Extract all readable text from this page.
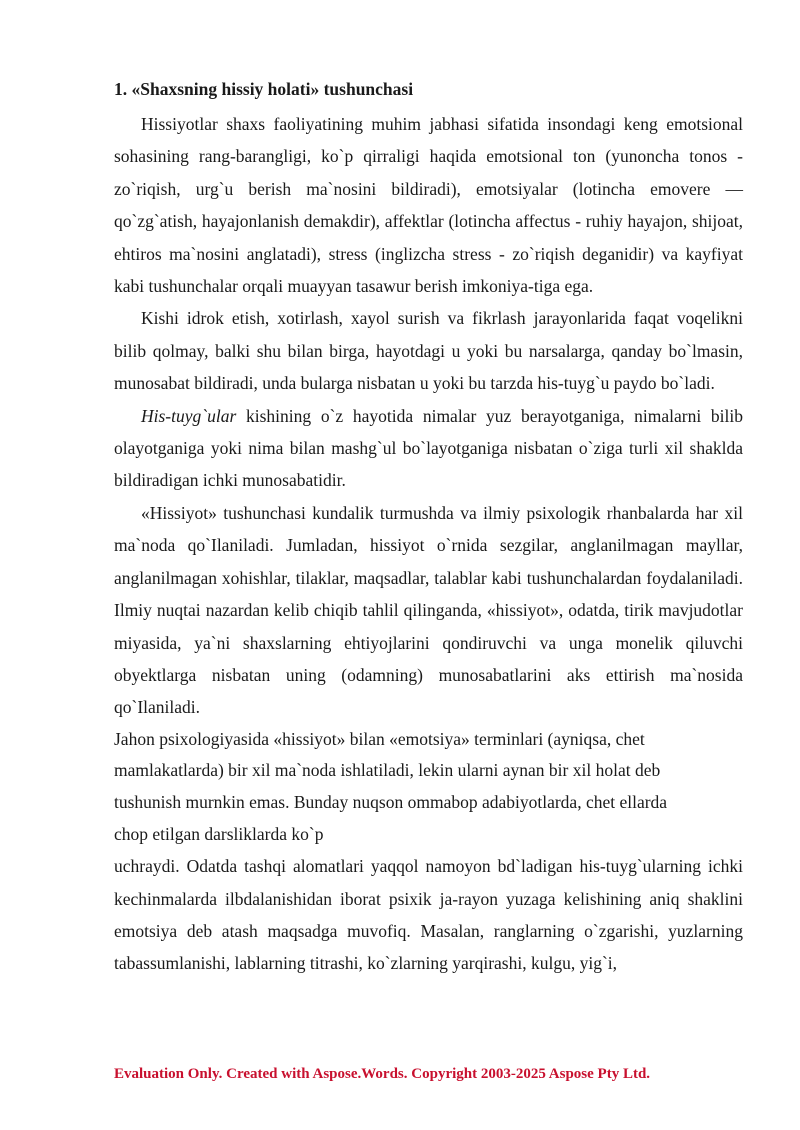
1. «Shaxsning hissiy holati» tushunchasi

Hissiyotlar shaxs faoliyatining muhim jabhasi sifatida insondagi keng emotsional sohasining rang-barangligi, ko`p qirraligi haqida emotsional ton (yunoncha tonos - zo`riqish, urg`u berish ma`nosini bildiradi), emotsiyalar (lotincha emovere — qo`zg`atish, hayajonlanish demakdir), affektlar (lotincha affectus - ruhiy hayajon, shijoat, ehtiros ma`nosini anglatadi), stress (inglizcha stress - zo`riqish deganidir) va kayfiyat kabi tushunchalar orqali muayyan tasawur berish imkoniya-tiga ega.

Kishi idrok etish, xotirlash, xayol surish va fikrlash jarayonlarida faqat voqelikni bilib qolmay, balki shu bilan birga, hayotdagi u yoki bu narsalarga, qanday bo`lmasin, munosabat bildiradi, unda bularga nisbatan u yoki bu tarzda his-tuyg`u paydo bo`ladi.

His-tuyg`ular kishining o`z hayotida nimalar yuz berayotganiga, nimalarni bilib olayotganiga yoki nima bilan mashg`ul bo`layotganiga nisbatan o`ziga turli xil shaklda bildiradigan ichki munosabatidir.

«Hissiyot» tushunchasi kundalik turmushda va ilmiy psixologik rhanbalarda har xil ma`noda qo`Ilaniladi. Jumladan, hissiyot o`rnida sezgilar, anglanilmagan mayllar, anglanilmagan xohishlar, tilaklar, maqsadlar, talablar kabi tushunchalardan foydalaniladi. Ilmiy nuqtai nazardan kelib chiqib tahlil qilinganda, «hissiyot», odatda, tirik mavjudotlar miyasida, ya`ni shaxslarning ehtiyojlarini qondiruvchi va unga monelik qiluvchi obyektlarga nisbatan uning (odamning) munosabatlarini aks ettirish ma`nosida qo`Ilaniladi.

Jahon psixologiyasida «hissiyot» bilan «emotsiya» terminlari (ayniqsa, chet
mamlakatlarda) bir xil ma`noda ishlatiladi, lekin ularni aynan bir xil holat deb
tushunish murnkin emas. Bunday nuqson ommabop adabiyotlarda, chet ellarda
chop etilgan darsliklarda ko`p

uchraydi. Odatda tashqi alomatlari yaqqol namoyon bd`ladigan his-tuyg`ularning ichki kechinmalarda ilbdalanishidan iborat psixik ja-rayon yuzaga kelishining aniq shaklini emotsiya deb atash maqsadga muvofiq. Masalan, ranglarning o`zgarishi, yuzlarning tabassumlanishi, lablarning titrashi, ko`zlarning yarqirashi, kulgu, yig`i,

Evaluation Only. Created with Aspose.Words. Copyright 2003-2025 Aspose Pty Ltd.
